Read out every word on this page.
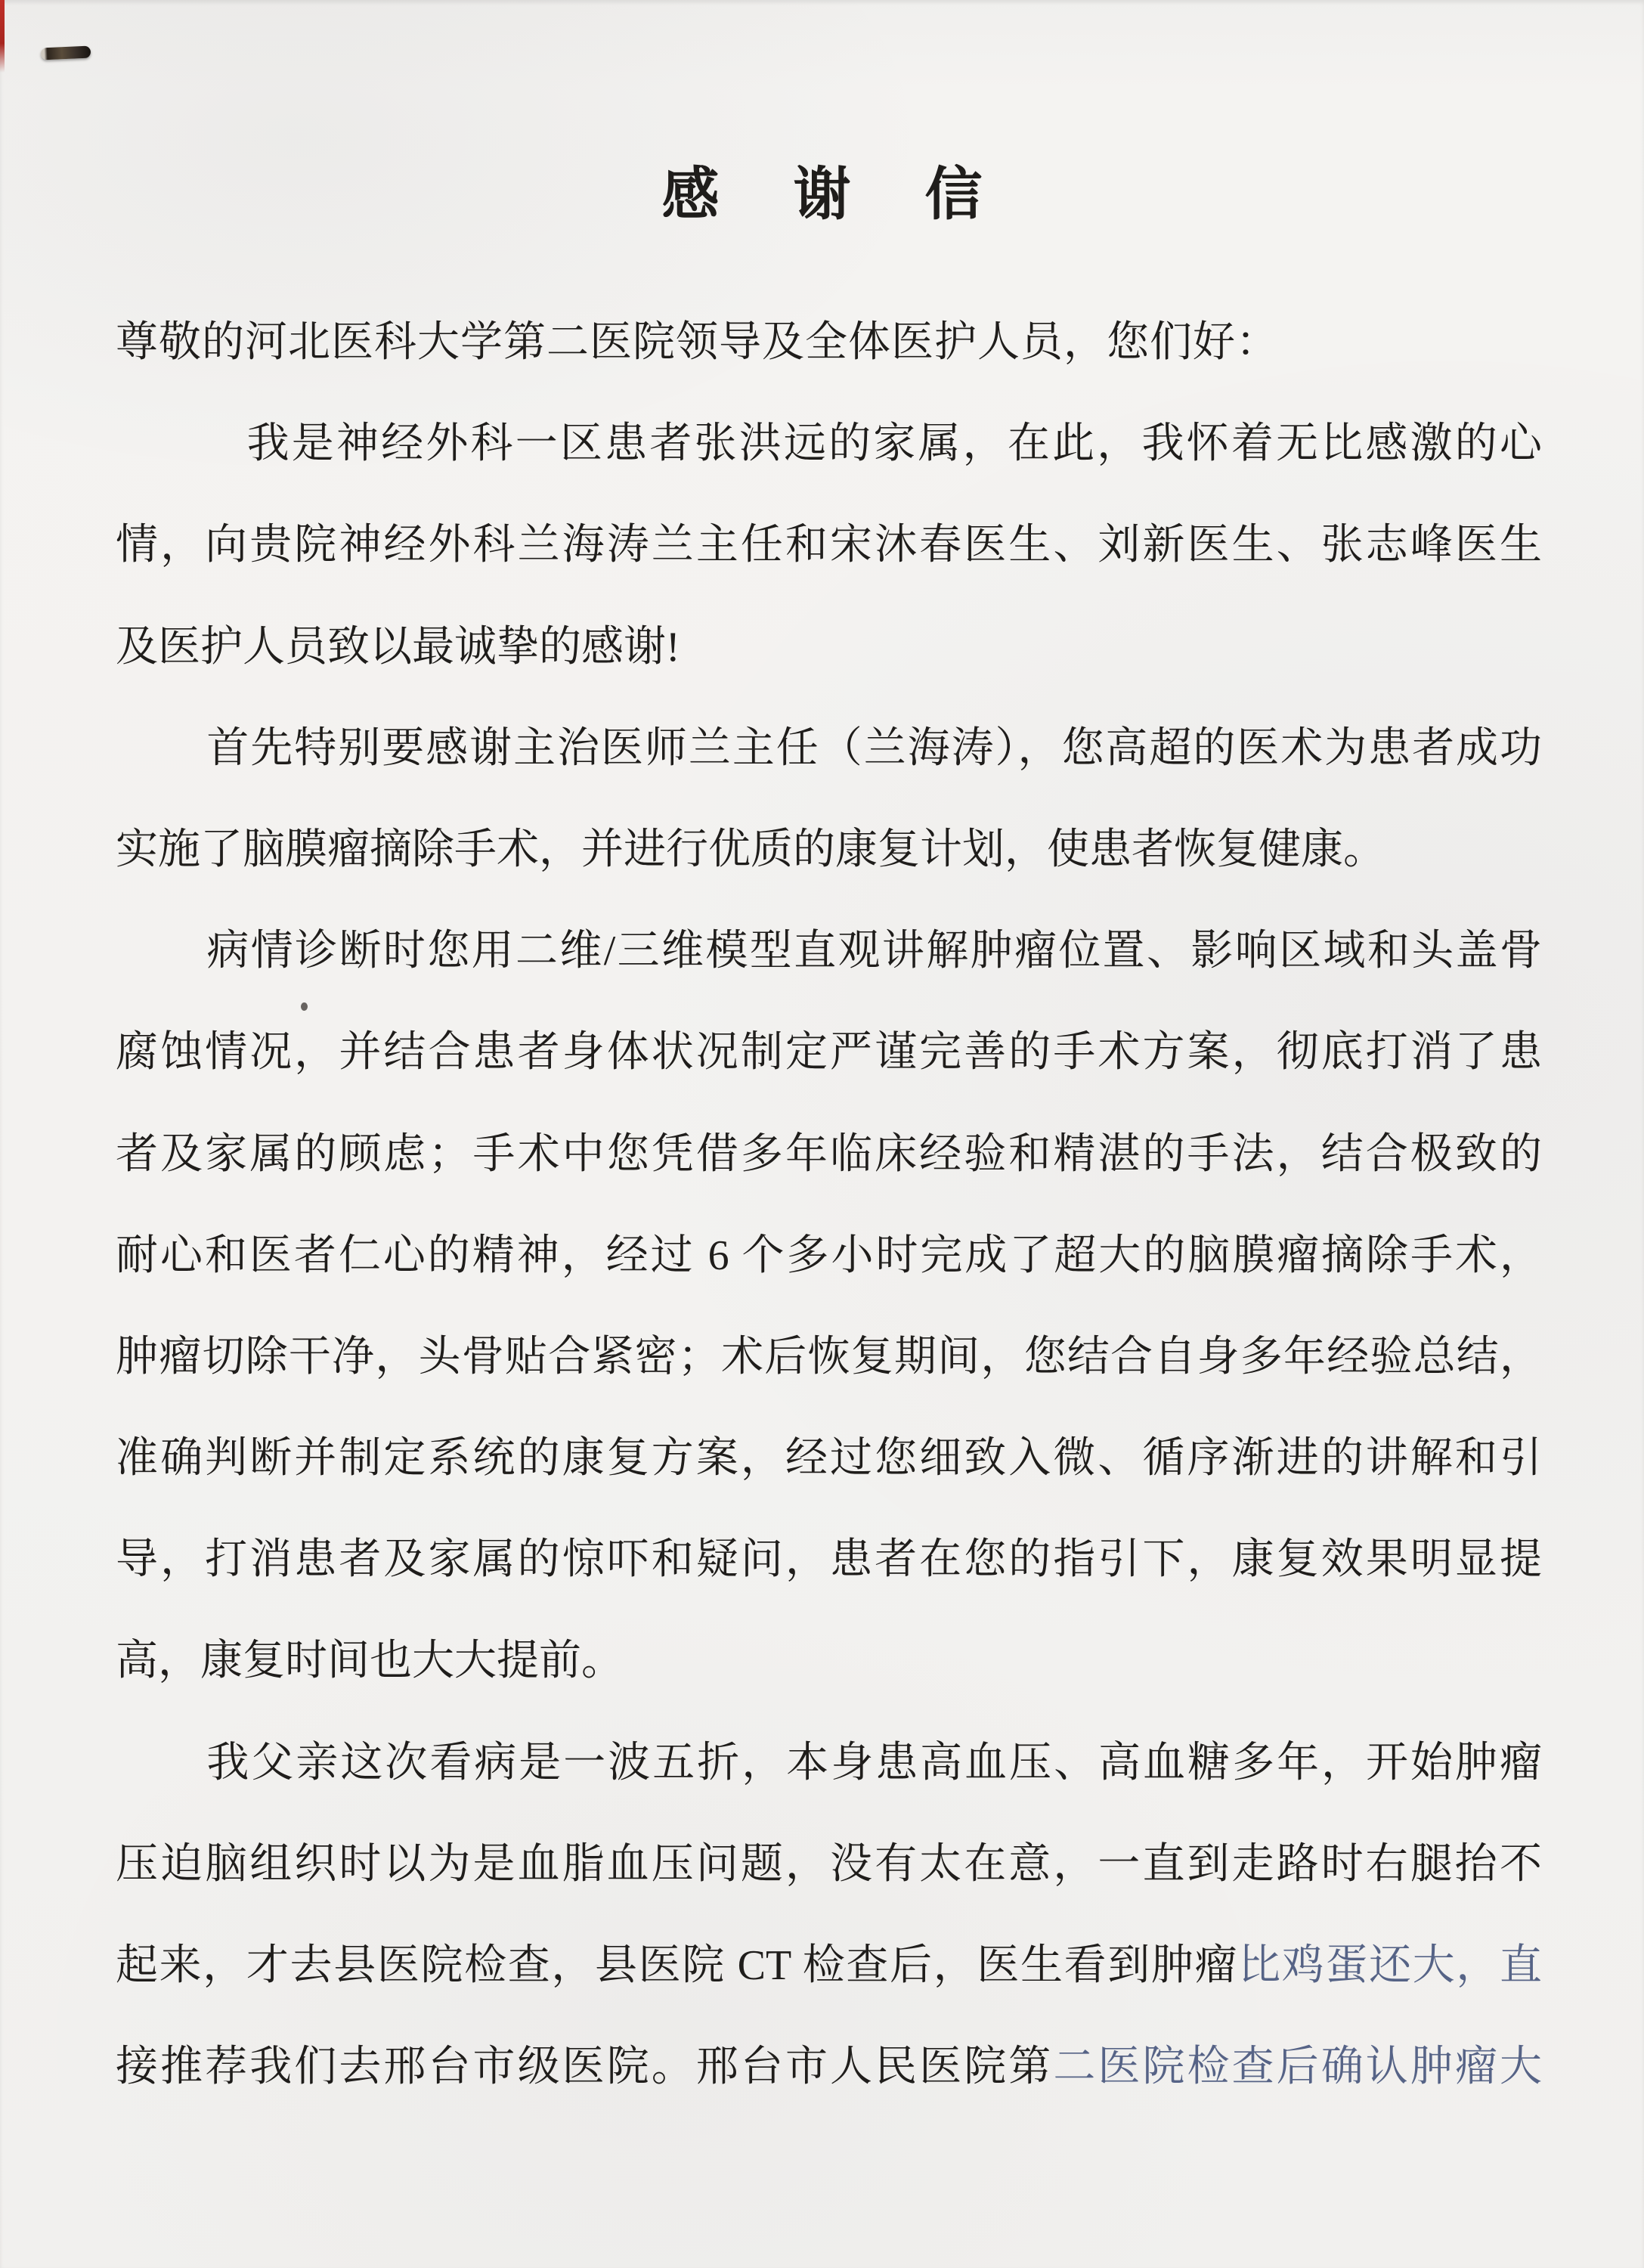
感 谢 信
尊敬的河北医科大学第二医院领导及全体医护人员，您们好：
我是神经外科一区患者张洪远的家属，在此，我怀着无比感激的心
情，向贵院神经外科兰海涛兰主任和宋沐春医生、刘新医生、张志峰医生
及医护人员致以最诚挚的感谢!
首先特别要感谢主治医师兰主任（兰海涛），您高超的医术为患者成功
实施了脑膜瘤摘除手术，并进行优质的康复计划，使患者恢复健康。
病情诊断时您用二维/三维模型直观讲解肿瘤位置、影响区域和头盖骨
腐蚀情况，并结合患者身体状况制定严谨完善的手术方案，彻底打消了患
者及家属的顾虑；手术中您凭借多年临床经验和精湛的手法，结合极致的
耐心和医者仁心的精神，经过 6 个多小时完成了超大的脑膜瘤摘除手术，
肿瘤切除干净，头骨贴合紧密；术后恢复期间，您结合自身多年经验总结，
准确判断并制定系统的康复方案，经过您细致入微、循序渐进的讲解和引
导，打消患者及家属的惊吓和疑问，患者在您的指引下，康复效果明显提
高，康复时间也大大提前。
我父亲这次看病是一波五折，本身患高血压、高血糖多年，开始肿瘤
压迫脑组织时以为是血脂血压问题，没有太在意，一直到走路时右腿抬不
起来，才去县医院检查，县医院 CT 检查后，医生看到肿瘤比鸡蛋还大，直
接推荐我们去邢台市级医院。邢台市人民医院第二医院检查后确认肿瘤大
